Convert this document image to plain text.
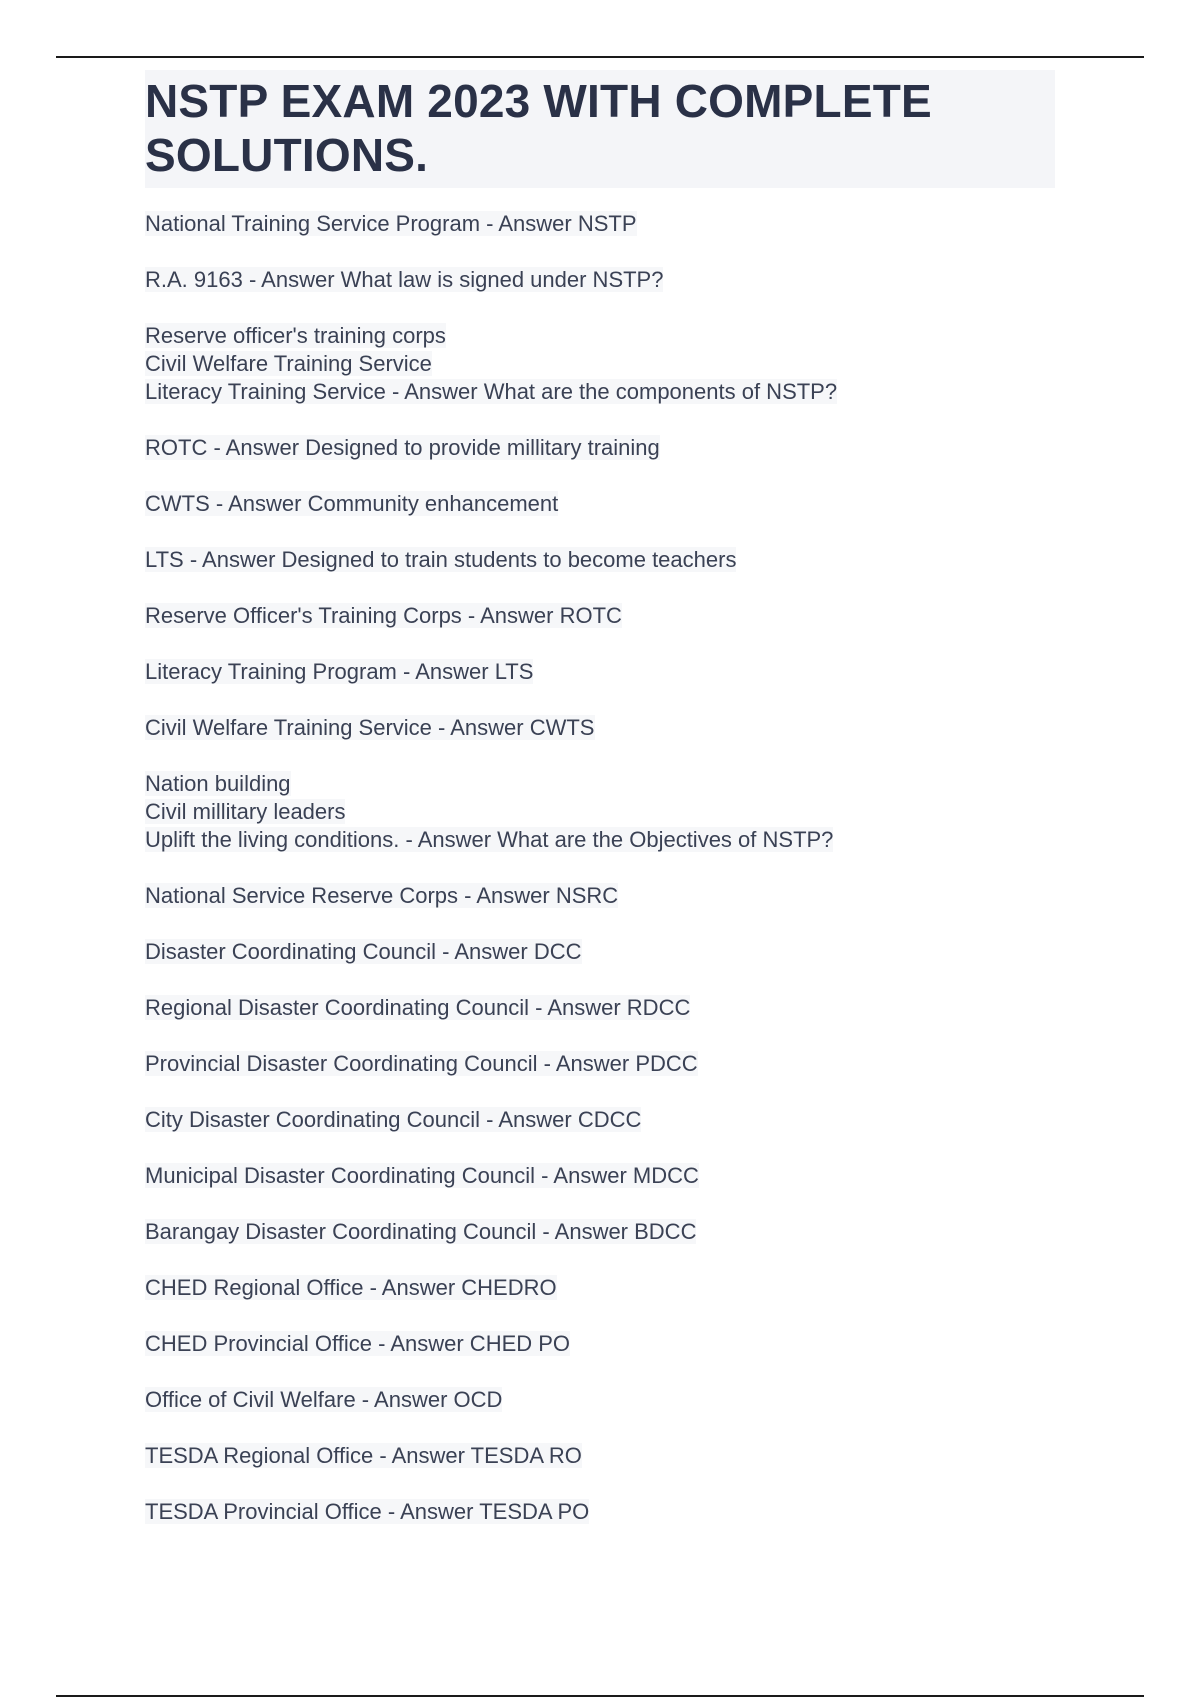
NSTP EXAM 2023 WITH COMPLETE SOLUTIONS.
National Training Service Program - Answer NSTP
R.A. 9163 - Answer What law is signed under NSTP?
Reserve officer's training corps
Civil Welfare Training Service
Literacy Training Service - Answer What are the components of NSTP?
ROTC - Answer Designed to provide millitary training
CWTS - Answer Community enhancement
LTS - Answer Designed to train students to become teachers
Reserve Officer's Training Corps - Answer ROTC
Literacy Training Program - Answer LTS
Civil Welfare Training Service - Answer CWTS
Nation building
Civil millitary leaders
Uplift the living conditions. - Answer What are the Objectives of NSTP?
National Service Reserve Corps - Answer NSRC
Disaster Coordinating Council - Answer DCC
Regional Disaster Coordinating Council - Answer RDCC
Provincial Disaster Coordinating Council - Answer PDCC
City Disaster Coordinating Council - Answer CDCC
Municipal Disaster Coordinating Council - Answer MDCC
Barangay Disaster Coordinating Council - Answer BDCC
CHED Regional Office - Answer CHEDRO
CHED Provincial Office - Answer CHED PO
Office of Civil Welfare - Answer OCD
TESDA Regional Office - Answer TESDA RO
TESDA Provincial Office - Answer TESDA PO
